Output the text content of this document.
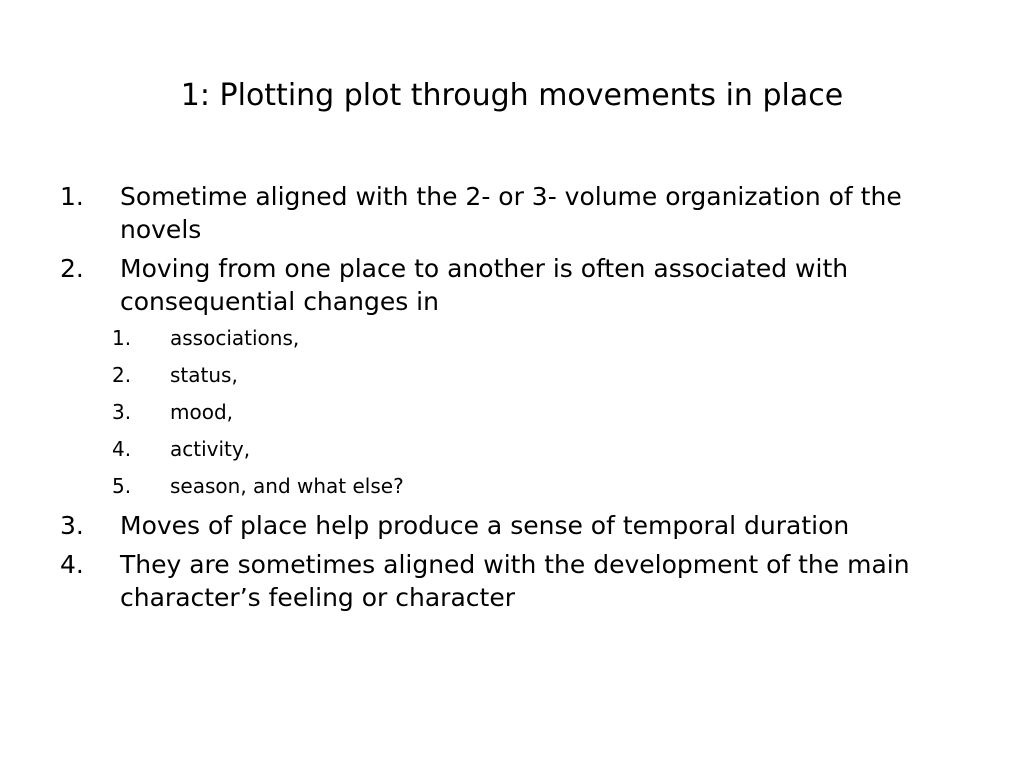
1: Plotting plot through movements in place
1. Sometime aligned with the 2- or 3- volume organization of the novels
2. Moving from one place to another is often associated with consequential changes in
1. associations,
2. status,
3. mood,
4. activity,
5. season, and what else?
3. Moves of place help produce a sense of temporal duration
4. They are sometimes aligned with the development of the main character’s feeling or character
